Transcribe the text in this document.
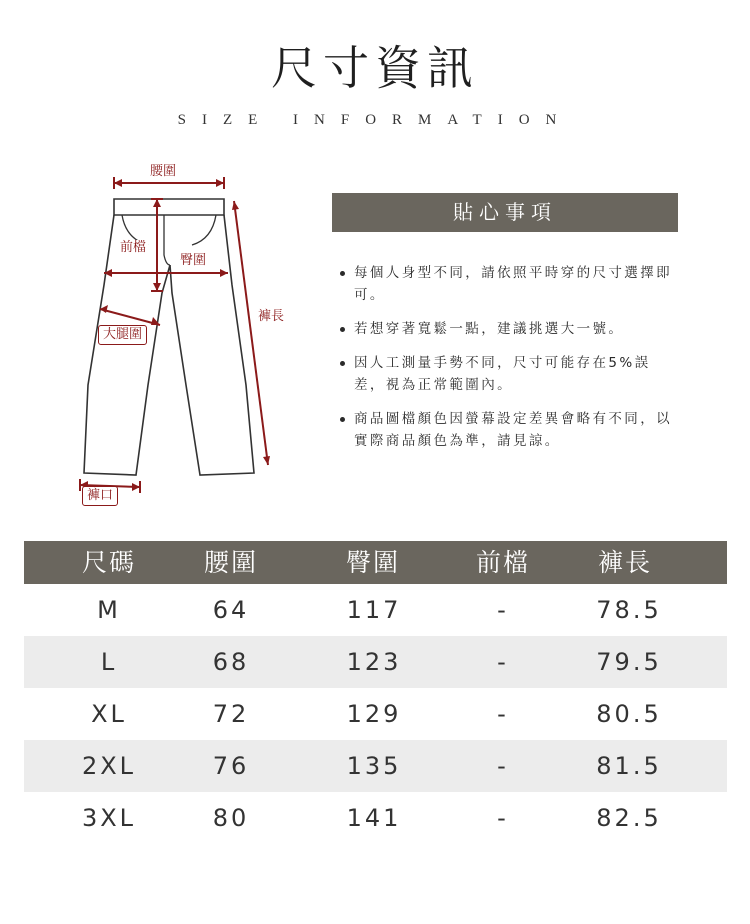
尺寸資訊
SIZE INFORMATION
腰圍
前檔
臀圍
褲長
大腿圍
褲口
貼心事項
每個人身型不同，請依照平時穿的尺寸選擇即可。
若想穿著寬鬆一點，建議挑選大一號。
因人工測量手勢不同，尺寸可能存在5%誤差，視為正常範圍內。
商品圖檔顏色因螢幕設定差異會略有不同，以實際商品顏色為準，請見諒。
尺碼	腰圍	臀圍	前檔	褲長
M	64	117	-	78.5
L	68	123	-	79.5
XL	72	129	-	80.5
2XL	76	135	-	81.5
3XL	80	141	-	82.5
